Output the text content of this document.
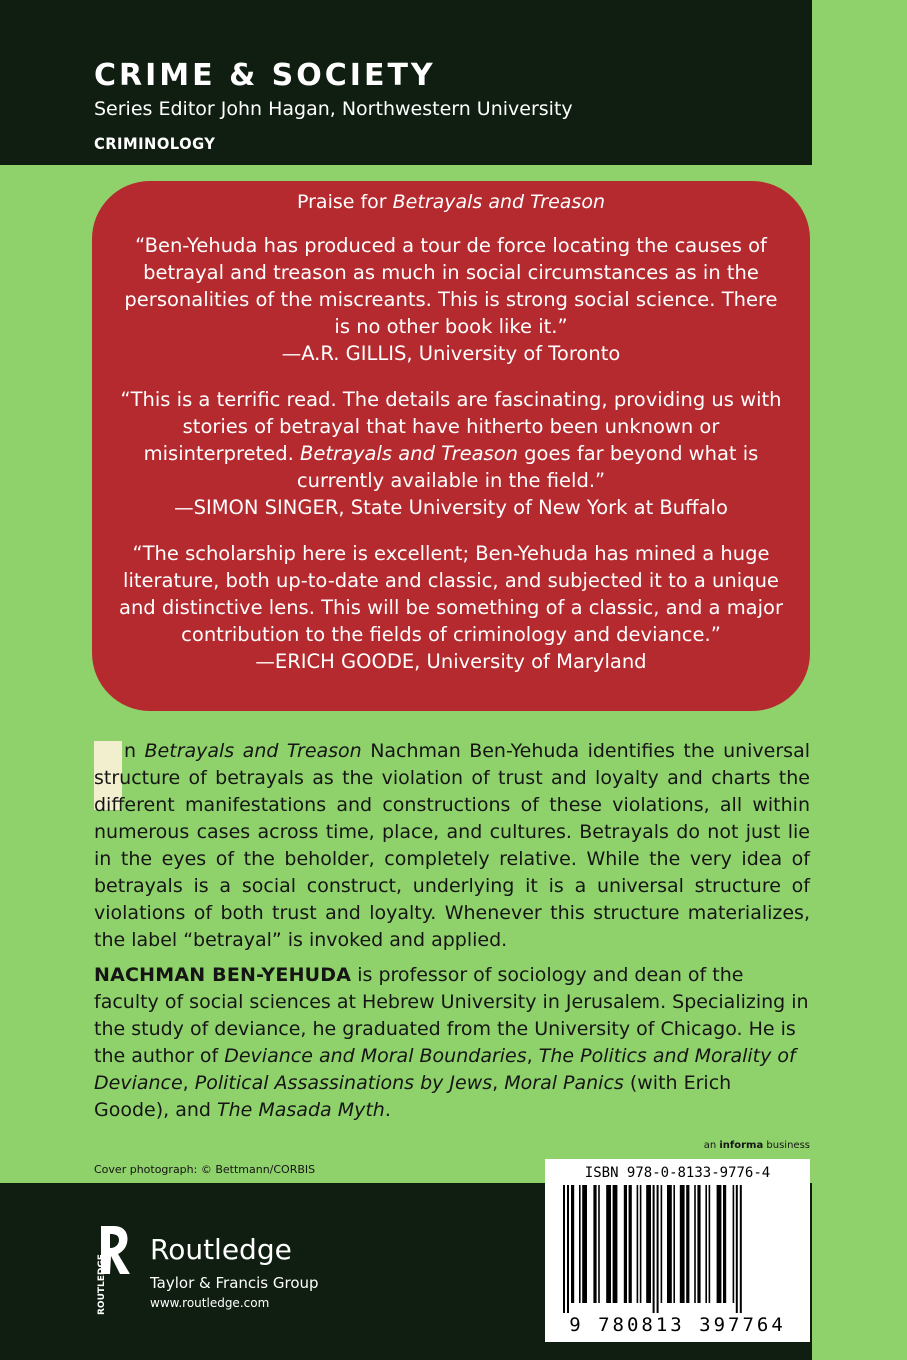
CRIME & SOCIETY
Series Editor John Hagan, Northwestern University
CRIMINOLOGY
Praise for Betrayals and Treason
“Ben-Yehuda has produced a tour de force locating the causes of betrayal and treason as much in social circumstances as in the personalities of the miscreants. This is strong social science. There is no other book like it.”
—A.R. GILLIS, University of Toronto
“This is a terrific read. The details are fascinating, providing us with stories of betrayal that have hitherto been unknown or misinterpreted. Betrayals and Treason goes far beyond what is currently available in the field.”
—SIMON SINGER, State University of New York at Buffalo
“The scholarship here is excellent; Ben-Yehuda has mined a huge literature, both up-to-date and classic, and subjected it to a unique and distinctive lens. This will be something of a classic, and a major contribution to the fields of criminology and deviance.”
—ERICH GOODE, University of Maryland

n Betrayals and Treason Nachman Ben-Yehuda identifies the universal structure of betrayals as the violation of trust and loyalty and charts the different manifestations and constructions of these violations, all within numerous cases across time, place, and cultures. Betrayals do not just lie in the eyes of the beholder, completely relative. While the very idea of betrayals is a social construct, underlying it is a universal structure of violations of both trust and loyalty. Whenever this structure materializes, the label “betrayal” is invoked and applied.

NACHMAN BEN-YEHUDA is professor of sociology and dean of the faculty of social sciences at Hebrew University in Jerusalem. Specializing in the study of deviance, he graduated from the University of Chicago. He is the author of Deviance and Moral Boundaries, The Politics and Morality of Deviance, Political Assassinations by Jews, Moral Panics (with Erich Goode), and The Masada Myth.

an informa business
Cover photograph: © Bettmann/CORBIS
ROUTLEDGE
Routledge
Taylor & Francis Group
www.routledge.com
ISBN 978-0-8133-9776-4
9 780813 397764
